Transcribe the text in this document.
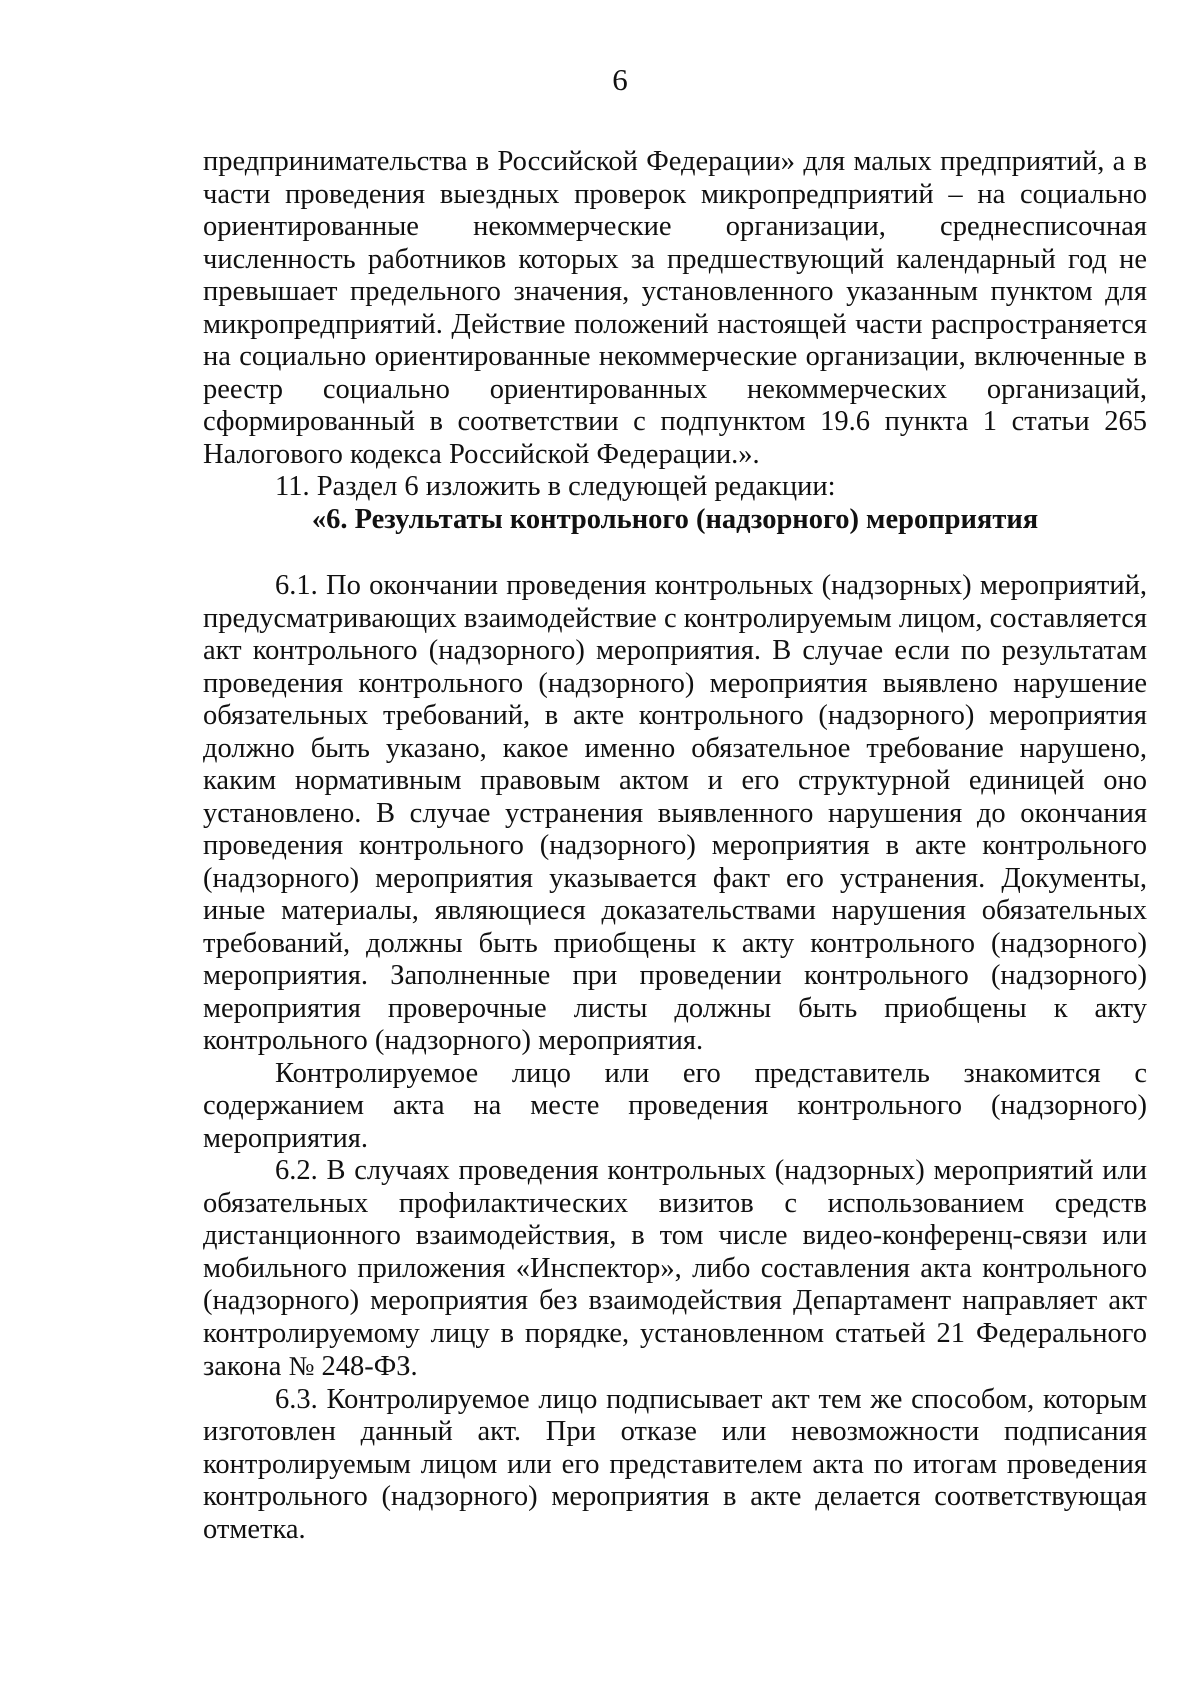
6

предпринимательства в Российской Федерации» для малых предприятий, а в части проведения выездных проверок микропредприятий – на социально ориентированные некоммерческие организации, среднесписочная численность работников которых за предшествующий календарный год не превышает предельного значения, установленного указанным пунктом для микропредприятий. Действие положений настоящей части распространяется на социально ориентированные некоммерческие организации, включенные в реестр социально ориентированных некоммерческих организаций, сформированный в соответствии с подпунктом 19.6 пункта 1 статьи 265 Налогового кодекса Российской Федерации.».

11. Раздел 6 изложить в следующей редакции:

«6. Результаты контрольного (надзорного) мероприятия

6.1. По окончании проведения контрольных (надзорных) мероприятий, предусматривающих взаимодействие с контролируемым лицом, составляется акт контрольного (надзорного) мероприятия. В случае если по результатам проведения контрольного (надзорного) мероприятия выявлено нарушение обязательных требований, в акте контрольного (надзорного) мероприятия должно быть указано, какое именно обязательное требование нарушено, каким нормативным правовым актом и его структурной единицей оно установлено. В случае устранения выявленного нарушения до окончания проведения контрольного (надзорного) мероприятия в акте контрольного (надзорного) мероприятия указывается факт его устранения. Документы, иные материалы, являющиеся доказательствами нарушения обязательных требований, должны быть приобщены к акту контрольного (надзорного) мероприятия. Заполненные при проведении контрольного (надзорного) мероприятия проверочные листы должны быть приобщены к акту контрольного (надзорного) мероприятия.

Контролируемое лицо или его представитель знакомится с содержанием акта на месте проведения контрольного (надзорного) мероприятия.

6.2. В случаях проведения контрольных (надзорных) мероприятий или обязательных профилактических визитов с использованием средств дистанционного взаимодействия, в том числе видео-конференц-связи или мобильного приложения «Инспектор», либо составления акта контрольного (надзорного) мероприятия без взаимодействия Департамент направляет акт контролируемому лицу в порядке, установленном статьей 21 Федерального закона № 248-ФЗ.

6.3. Контролируемое лицо подписывает акт тем же способом, которым изготовлен данный акт. При отказе или невозможности подписания контролируемым лицом или его представителем акта по итогам проведения контрольного (надзорного) мероприятия в акте делается соответствующая отметка.
